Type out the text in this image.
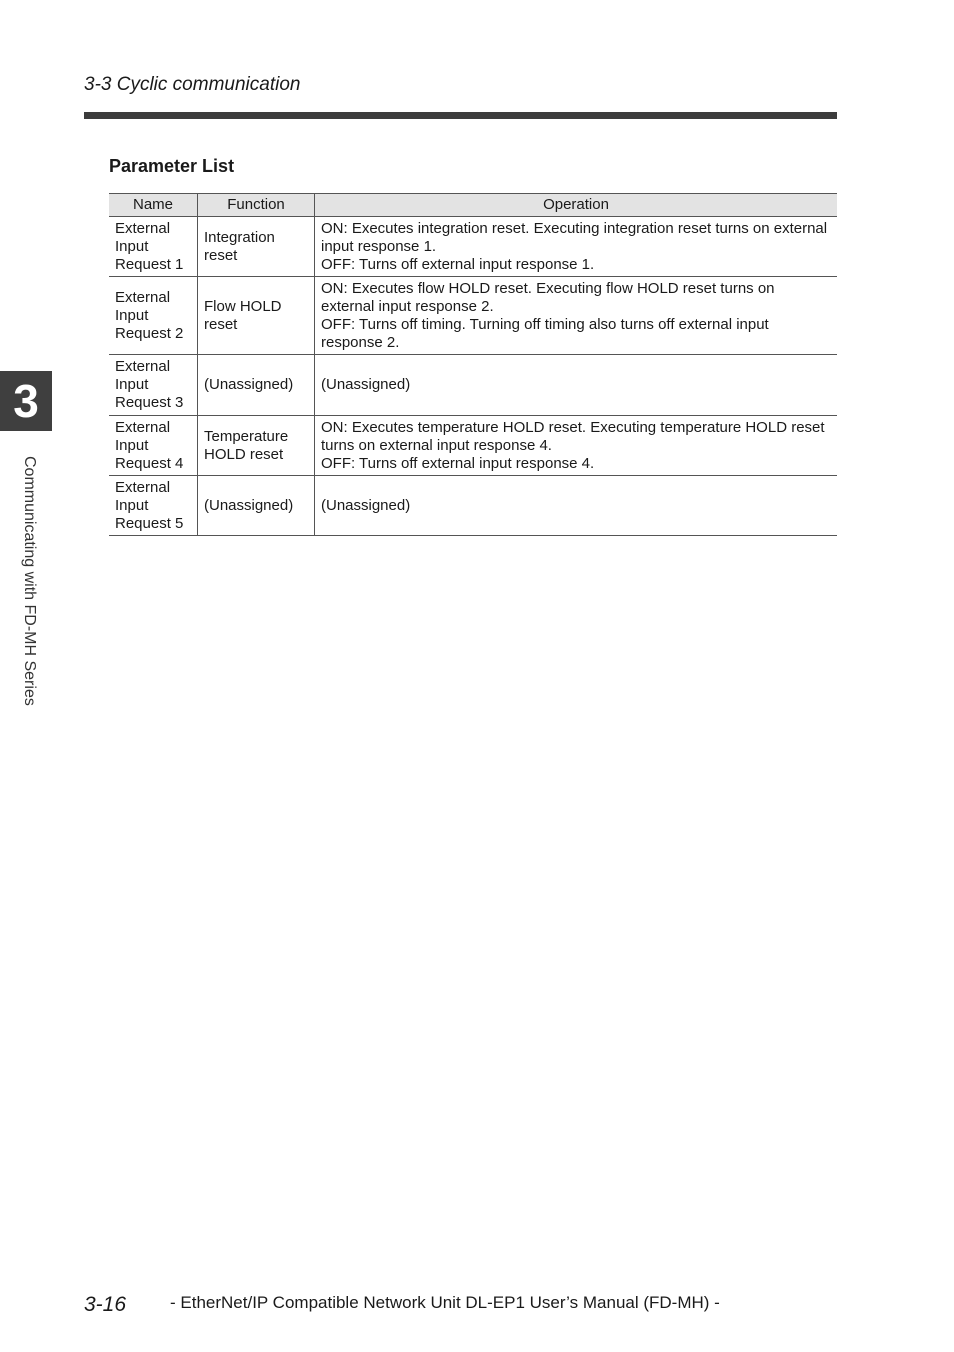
3-3 Cyclic communication
Parameter List
Name	Function	Operation
External Input Request 1	Integration reset	ON: Executes integration reset. Executing integration reset turns on external input response 1.
OFF: Turns off external input response 1.

External Input Request 2	Flow HOLD reset	ON: Executes flow HOLD reset. Executing flow HOLD reset turns on external input response 2.
OFF: Turns off timing. Turning off timing also turns off external input response 2.

External Input Request 3	(Unassigned)	(Unassigned)

External Input Request 4	Temperature HOLD reset	ON: Executes temperature HOLD reset. Executing temperature HOLD reset turns on external input response 4.
OFF: Turns off external input response 4.

External Input Request 5	(Unassigned)	(Unassigned)
3
Communicating with FD-MH Series
3-16	- EtherNet/IP Compatible Network Unit DL-EP1 User’s Manual (FD-MH) -
